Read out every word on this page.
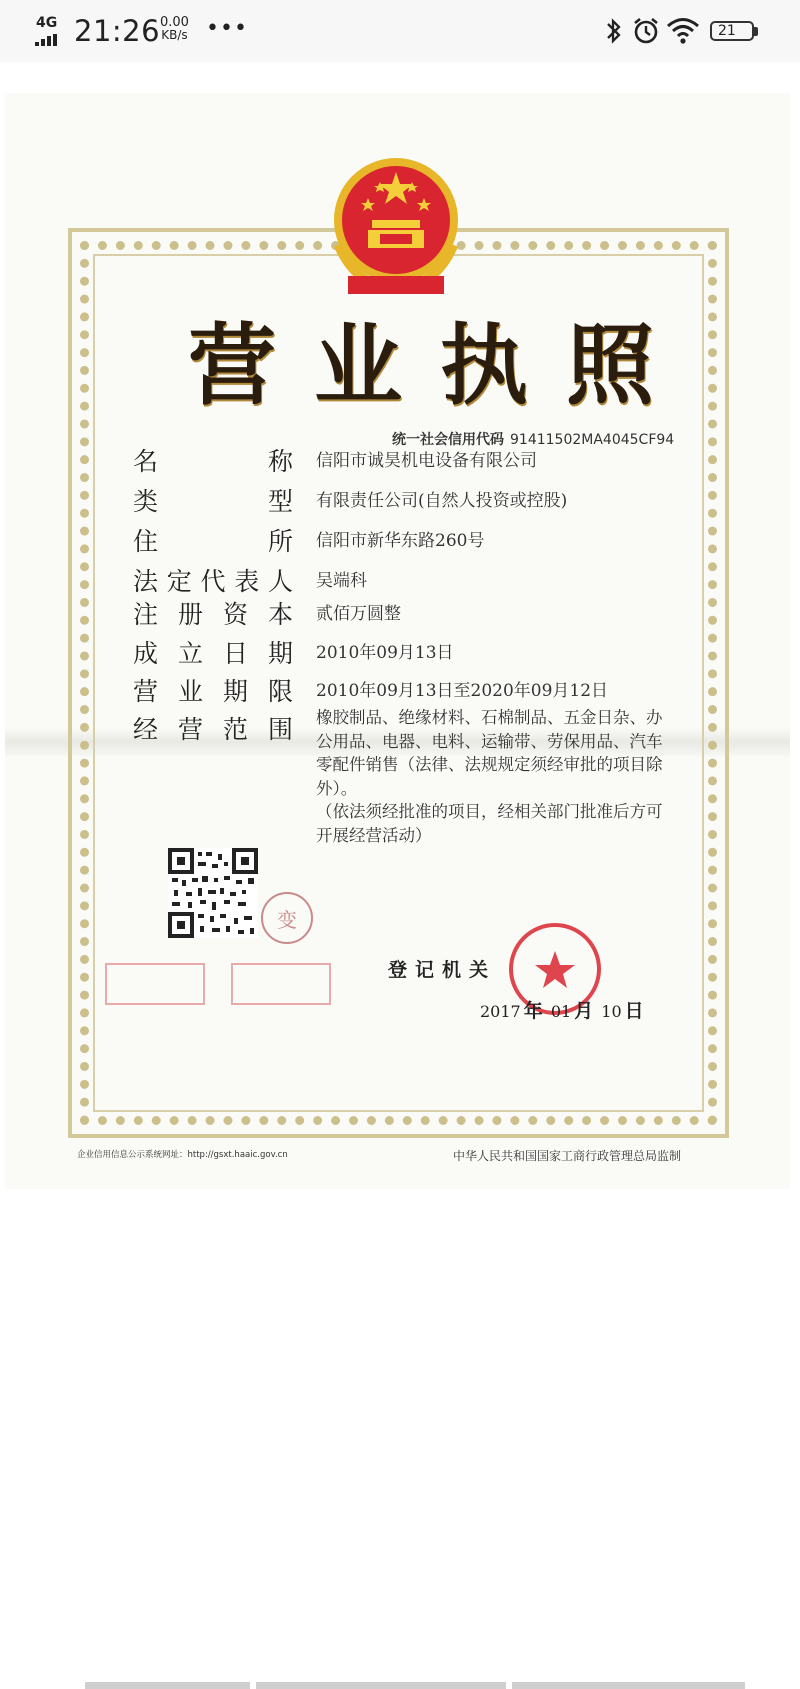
4G 21:26 0.00
KB/s •••	21
营业执照
统一社会信用代码 91411502MA4045CF94
名	称 信阳市诚昊机电设备有限公司
类	型 有限责任公司(自然人投资或控股)
住	所 信阳市新华东路260号
法 定 代 表 人 吴端科
注 册 资 本 贰佰万圆整
成 立 日 期 2010年09月13日
营 业 期 限 2010年09月13日至2020年09月12日
经 营 范 围 橡胶制品、绝缘材料、石棉制品、五金日杂、办公用品、电器、电料、运输带、劳保用品、汽车零配件销售（法律、法规规定须经审批的项目除外）。
（依法须经批准的项目，经相关部门批准后方可开展经营活动）
变
登记机关
2017 年 01 月 10 日
企业信用信息公示系统网址：http://gsxt.haaic.gov.cn	中华人民共和国国家工商行政管理总局监制
